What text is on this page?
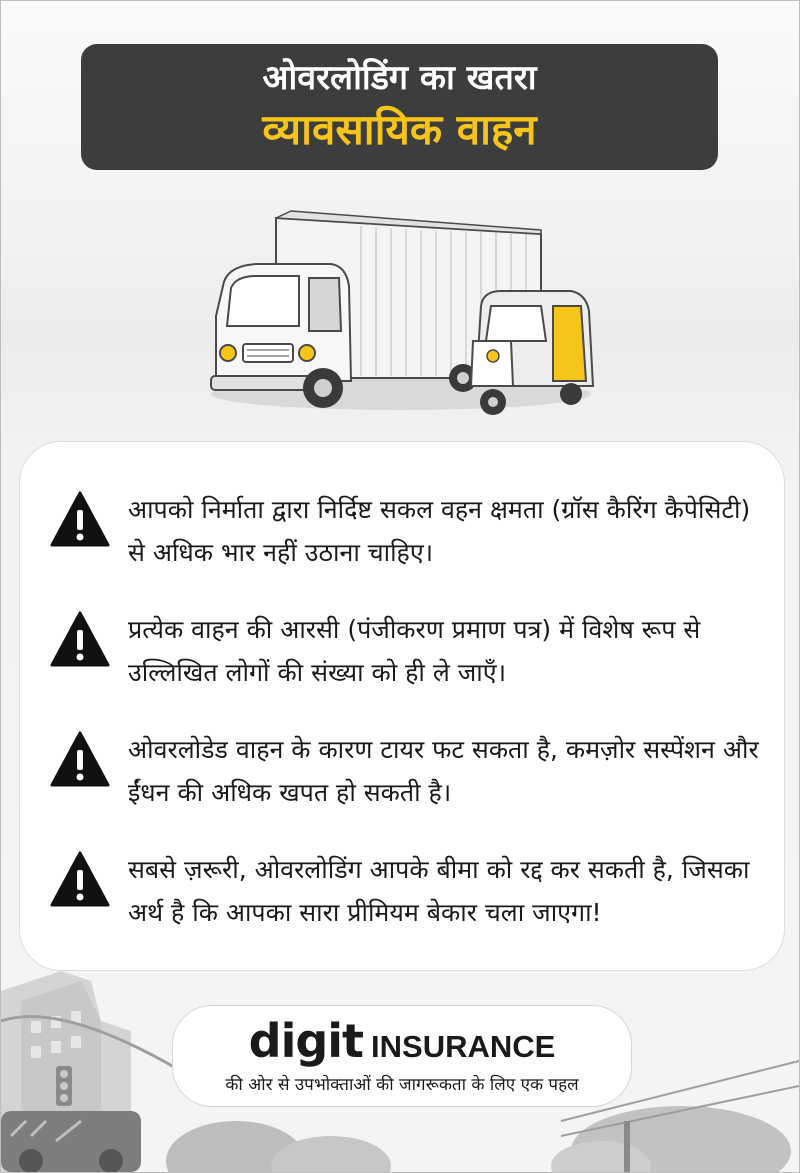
ओवरलोडिंग का खतरा
व्यावसायिक वाहन
आपको निर्माता द्वारा निर्दिष्ट सकल वहन क्षमता (ग्रॉस कैरिंग कैपेसिटी) से अधिक भार नहीं उठाना चाहिए।
प्रत्येक वाहन की आरसी (पंजीकरण प्रमाण पत्र) में विशेष रूप से उल्लिखित लोगों की संख्या को ही ले जाएँ।
ओवरलोडेड वाहन के कारण टायर फट सकता है, कमज़ोर सस्पेंशन और ईंधन की अधिक खपत हो सकती है।
सबसे ज़रूरी, ओवरलोडिंग आपके बीमा को रद्द कर सकती है, जिसका अर्थ है कि आपका सारा प्रीमियम बेकार चला जाएगा!
digit INSURANCE
की ओर से उपभोक्ताओं की जागरूकता के लिए एक पहल
